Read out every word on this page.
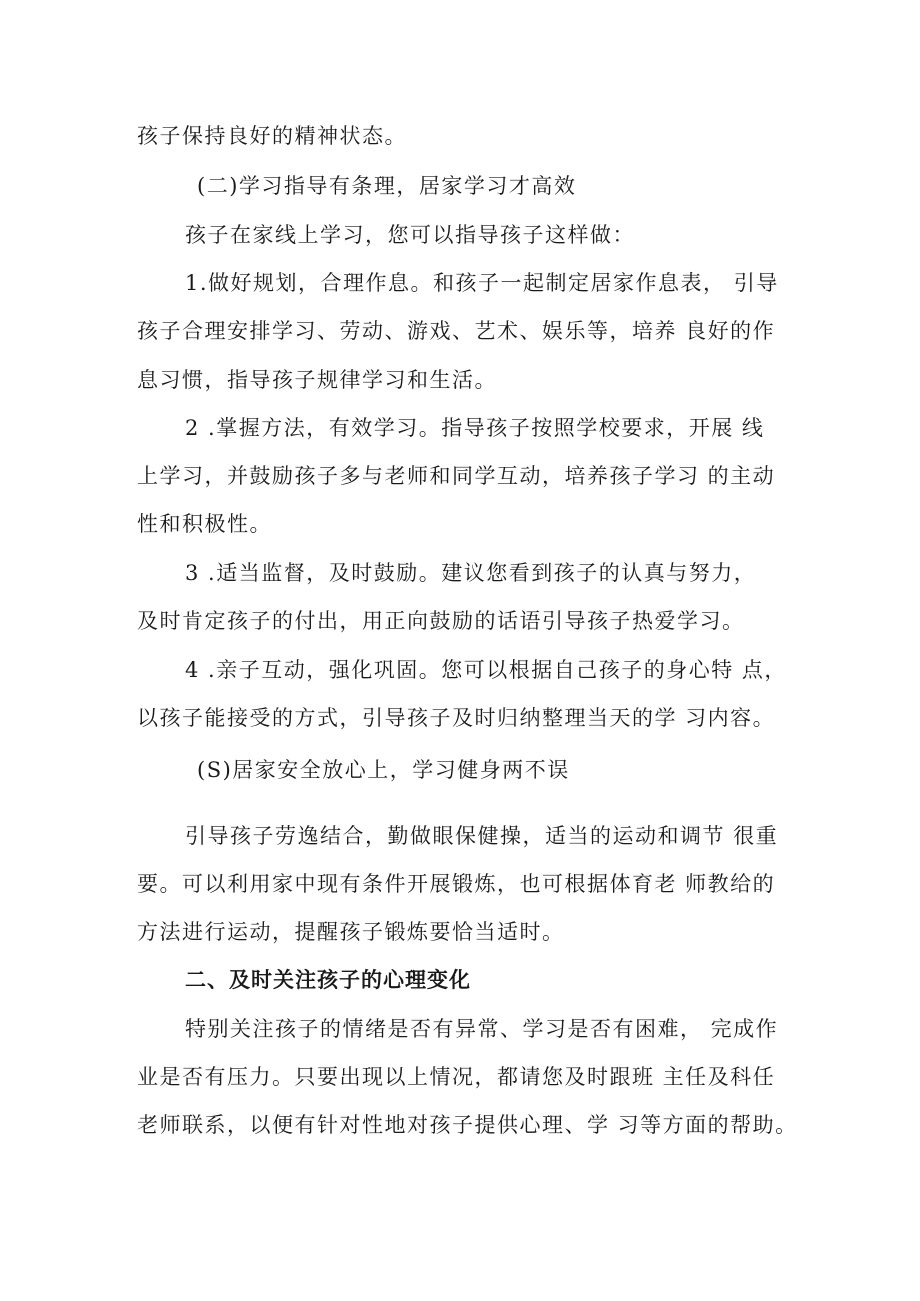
孩子保持良好的精神状态。
(二)学习指导有条理，居家学习才高效
孩子在家线上学习，您可以指导孩子这样做：
1.做好规划，合理作息。和孩子一起制定居家作息表， 引导
孩子合理安排学习、劳动、游戏、艺术、娱乐等，培养 良好的作
息习惯，指导孩子规律学习和生活。
2 .掌握方法，有效学习。指导孩子按照学校要求，开展 线
上学习，并鼓励孩子多与老师和同学互动，培养孩子学习 的主动
性和积极性。
3 .适当监督，及时鼓励。建议您看到孩子的认真与努力，
及时肯定孩子的付出，用正向鼓励的话语引导孩子热爱学习。
4 .亲子互动，强化巩固。您可以根据自己孩子的身心特 点，
以孩子能接受的方式，引导孩子及时归纳整理当天的学 习内容。
(S)居家安全放心上，学习健身两不误
引导孩子劳逸结合，勤做眼保健操，适当的运动和调节 很重
要。可以利用家中现有条件开展锻炼，也可根据体育老 师教给的
方法进行运动，提醒孩子锻炼要恰当适时。
二、及时关注孩子的心理变化
特别关注孩子的情绪是否有异常、学习是否有困难， 完成作
业是否有压力。只要出现以上情况，都请您及时跟班 主任及科任
老师联系，以便有针对性地对孩子提供心理、学 习等方面的帮助。
